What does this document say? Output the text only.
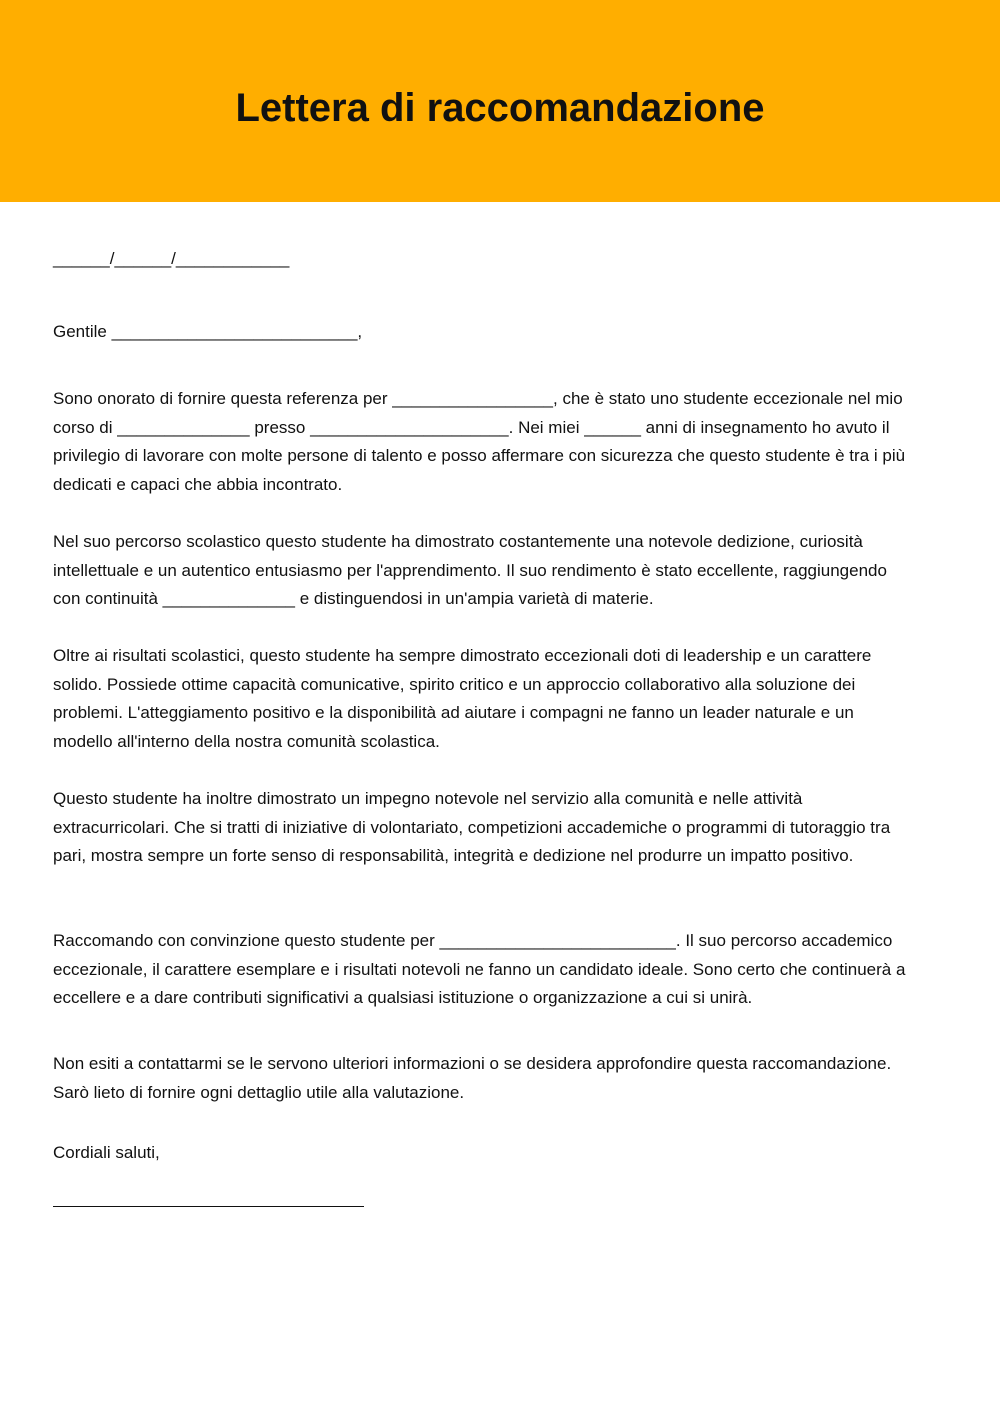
Lettera di raccomandazione

______/______/____________

Gentile __________________________,

Sono onorato di fornire questa referenza per _________________, che è stato uno studente eccezionale nel mio
corso di ______________ presso _____________________. Nei miei ______ anni di insegnamento ho avuto il
privilegio di lavorare con molte persone di talento e posso affermare con sicurezza che questo studente è tra i più
dedicati e capaci che abbia incontrato.
Nel suo percorso scolastico questo studente ha dimostrato costantemente una notevole dedizione, curiosità
intellettuale e un autentico entusiasmo per l'apprendimento. Il suo rendimento è stato eccellente, raggiungendo
con continuità ______________ e distinguendosi in un'ampia varietà di materie.
Oltre ai risultati scolastici, questo studente ha sempre dimostrato eccezionali doti di leadership e un carattere
solido. Possiede ottime capacità comunicative, spirito critico e un approccio collaborativo alla soluzione dei
problemi. L'atteggiamento positivo e la disponibilità ad aiutare i compagni ne fanno un leader naturale e un
modello all'interno della nostra comunità scolastica.
Questo studente ha inoltre dimostrato un impegno notevole nel servizio alla comunità e nelle attività
extracurricolari. Che si tratti di iniziative di volontariato, competizioni accademiche o programmi di tutoraggio tra
pari, mostra sempre un forte senso di responsabilità, integrità e dedizione nel produrre un impatto positivo.
Raccomando con convinzione questo studente per _________________________. Il suo percorso accademico
eccezionale, il carattere esemplare e i risultati notevoli ne fanno un candidato ideale. Sono certo che continuerà a
eccellere e a dare contributi significativi a qualsiasi istituzione o organizzazione a cui si unirà.
Non esiti a contattarmi se le servono ulteriori informazioni o se desidera approfondire questa raccomandazione.
Sarò lieto di fornire ogni dettaglio utile alla valutazione.

Cordiali saluti,
